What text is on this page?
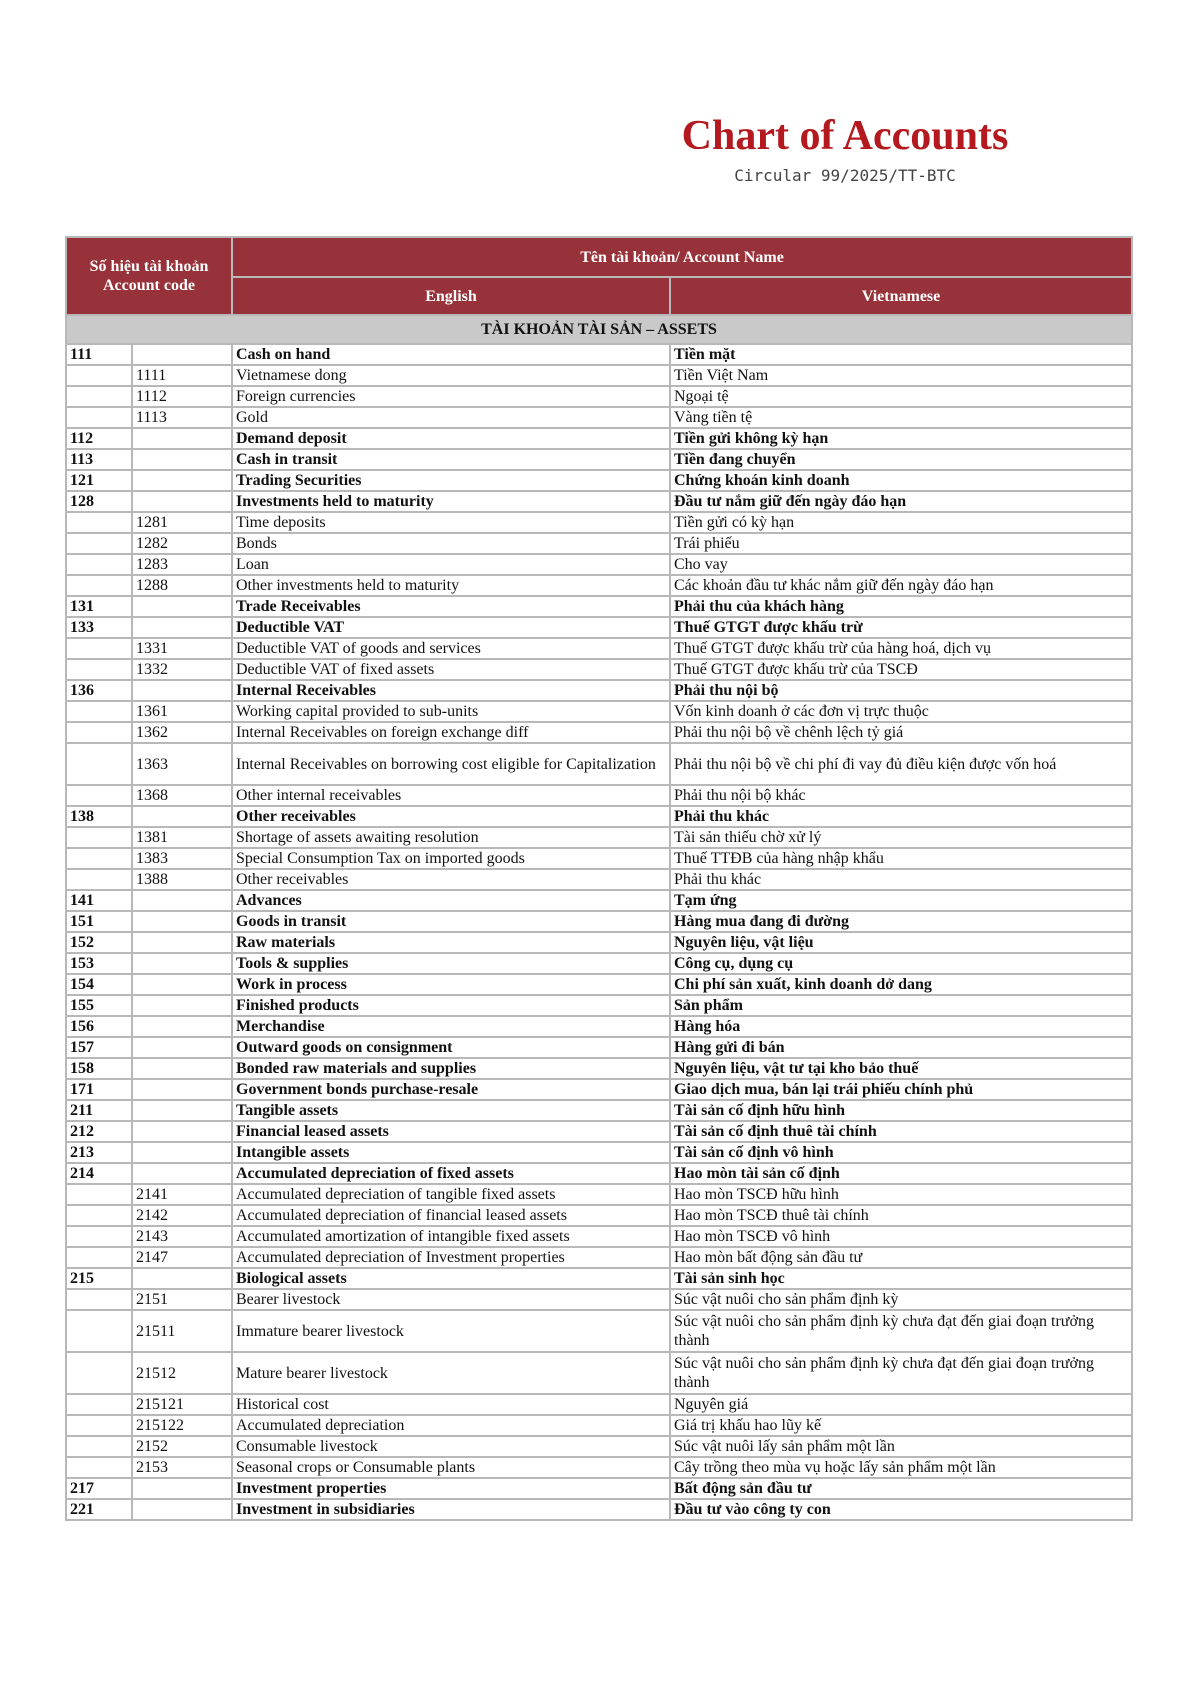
Chart of Accounts
Circular 99/2025/TT-BTC
Số hiệu tài khoản
Account code		Tên tài khoản/ Account Name	
		English	Vietnamese
TÀI KHOẢN TÀI SẢN – ASSETS			
111		Cash on hand	Tiền mặt
	1111	Vietnamese dong	Tiền Việt Nam
	1112	Foreign currencies	Ngoại tệ
	1113	Gold	Vàng tiền tệ
112		Demand deposit	Tiền gửi không kỳ hạn
113		Cash in transit	Tiền đang chuyển
121		Trading Securities	Chứng khoán kinh doanh
128		Investments held to maturity	Đầu tư nắm giữ đến ngày đáo hạn
	1281	Time deposits	Tiền gửi có kỳ hạn
	1282	Bonds	Trái phiếu
	1283	Loan	Cho vay
	1288	Other investments held to maturity	Các khoản đầu tư khác nắm giữ đến ngày đáo hạn
131		Trade Receivables	Phải thu của khách hàng
133		Deductible VAT	Thuế GTGT được khấu trừ
	1331	Deductible VAT of goods and services	Thuế GTGT được khấu trừ của hàng hoá, dịch vụ
	1332	Deductible VAT of fixed assets	Thuế GTGT được khấu trừ của TSCĐ
136		Internal Receivables	Phải thu nội bộ
	1361	Working capital provided to sub-units	Vốn kinh doanh ở các đơn vị trực thuộc
	1362	Internal Receivables on foreign exchange diff	Phải thu nội bộ về chênh lệch tỷ giá
	1363	Internal Receivables on borrowing cost eligible for Capitalization	Phải thu nội bộ về chi phí đi vay đủ điều kiện được vốn hoá
	1368	Other internal receivables	Phải thu nội bộ khác
138		Other receivables	Phải thu khác
	1381	Shortage of assets awaiting resolution	Tài sản thiếu chờ xử lý
	1383	Special Consumption Tax on imported goods	Thuế TTĐB của hàng nhập khẩu
	1388	Other receivables	Phải thu khác
141		Advances	Tạm ứng
151		Goods in transit	Hàng mua đang đi đường
152		Raw materials	Nguyên liệu, vật liệu
153		Tools & supplies	Công cụ, dụng cụ
154		Work in process	Chi phí sản xuất, kinh doanh dở dang
155		Finished products	Sản phẩm
156		Merchandise	Hàng hóa
157		Outward goods on consignment	Hàng gửi đi bán
158		Bonded raw materials and supplies	Nguyên liệu, vật tư tại kho bảo thuế
171		Government bonds purchase-resale	Giao dịch mua, bán lại trái phiếu chính phủ
211		Tangible assets	Tài sản cố định hữu hình
212		Financial leased assets	Tài sản cố định thuê tài chính
213		Intangible assets	Tài sản cố định vô hình
214		Accumulated depreciation of fixed assets	Hao mòn tài sản cố định
	2141	Accumulated depreciation of tangible fixed assets	Hao mòn TSCĐ hữu hình
	2142	Accumulated depreciation of financial leased assets	Hao mòn TSCĐ thuê tài chính
	2143	Accumulated amortization of intangible fixed assets	Hao mòn TSCĐ vô hình
	2147	Accumulated depreciation of Investment properties	Hao mòn bất động sản đầu tư
215		Biological assets	Tài sản sinh học
	2151	Bearer livestock	Súc vật nuôi cho sản phẩm định kỳ
	21511	Immature bearer livestock	Súc vật nuôi cho sản phẩm định kỳ chưa đạt đến giai đoạn trưởng thành
	21512	Mature bearer livestock	Súc vật nuôi cho sản phẩm định kỳ chưa đạt đến giai đoạn trưởng thành
	215121	Historical cost	Nguyên giá
	215122	Accumulated depreciation	Giá trị khấu hao lũy kế
	2152	Consumable livestock	Súc vật nuôi lấy sản phẩm một lần
	2153	Seasonal crops or Consumable plants	Cây trồng theo mùa vụ hoặc lấy sản phẩm một lần
217		Investment properties	Bất động sản đầu tư
221		Investment in subsidiaries	Đầu tư vào công ty con
